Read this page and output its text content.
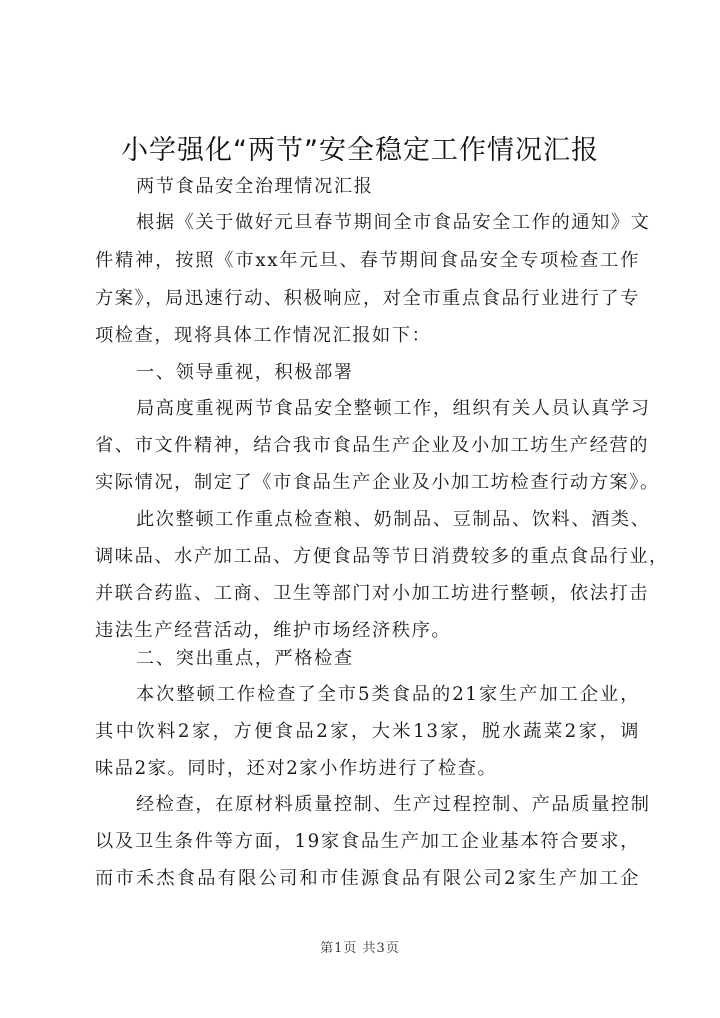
小学强化“两节”安全稳定工作情况汇报
两节食品安全治理情况汇报
根据《关于做好元旦春节期间全市食品安全工作的通知》文
件精神，按照《市xx年元旦、春节期间食品安全专项检查工作
方案》，局迅速行动、积极响应，对全市重点食品行业进行了专
项检查，现将具体工作情况汇报如下：
一、领导重视，积极部署
局高度重视两节食品安全整顿工作，组织有关人员认真学习
省、市文件精神，结合我市食品生产企业及小加工坊生产经营的
实际情况，制定了《市食品生产企业及小加工坊检查行动方案》。
此次整顿工作重点检查粮、奶制品、豆制品、饮料、酒类、
调味品、水产加工品、方便食品等节日消费较多的重点食品行业，
并联合药监、工商、卫生等部门对小加工坊进行整顿，依法打击
违法生产经营活动，维护市场经济秩序。
二、突出重点，严格检查
本次整顿工作检查了全市5类食品的21家生产加工企业，
其中饮料2家，方便食品2家，大米13家，脱水蔬菜2家，调
味品2家。同时，还对2家小作坊进行了检查。
经检查，在原材料质量控制、生产过程控制、产品质量控制
以及卫生条件等方面，19家食品生产加工企业基本符合要求，
而市禾杰食品有限公司和市佳源食品有限公司2家生产加工企
第1页 共3页
